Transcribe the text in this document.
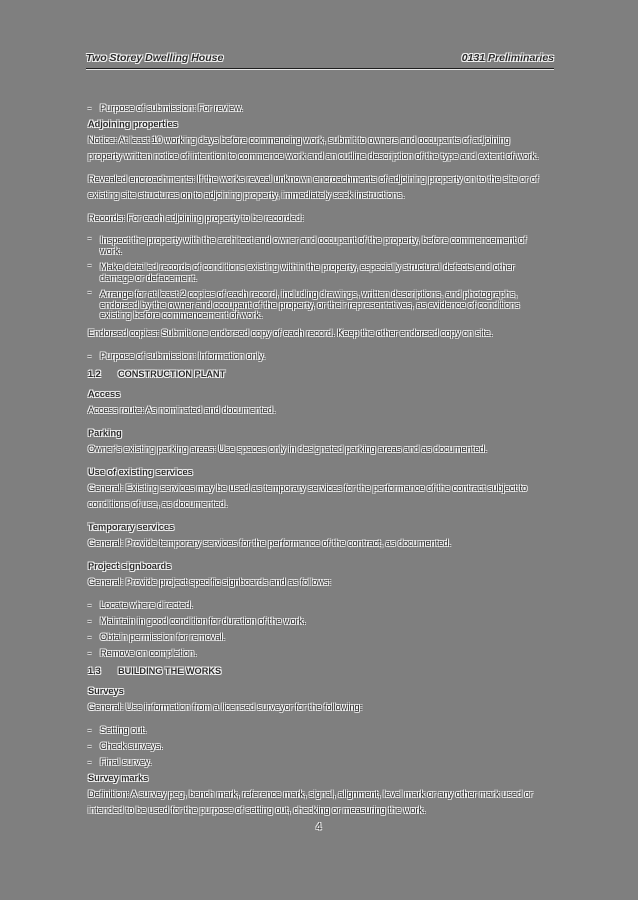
Two Storey Dwelling House	0131 Preliminaries

- Purpose of submission: For review.

Adjoining properties

Notice: At least 10 working days before commencing work, submit to owners and occupants of adjoining property written notice of intention to commence work and an outline description of the type and extent of work.

Revealed encroachments: If the works reveal unknown encroachments of adjoining property on to the site or of existing site structures on to adjoining property, immediately seek instructions.

Records: For each adjoining property to be recorded:

- Inspect the property with the architect and owner and occupant of the property, before commencement of work.

- Make detailed records of conditions existing within the property, especially structural defects and other damage or defacement.

- Arrange for at least 2 copies of each record, including drawings, written descriptions, and photographs, endorsed by the owner and occupant of the property, or their representatives, as evidence of conditions existing before commencement of work.

Endorsed copies: Submit one endorsed copy of each record. Keep the other endorsed copy on site.

- Purpose of submission: Information only.

1.2 CONSTRUCTION PLANT

Access

Access route: As nominated and documented.

Parking

Owner's existing parking areas: Use spaces only in designated parking areas and as documented.

Use of existing services

General: Existing services may be used as temporary services for the performance of the contract subject to conditions of use, as documented.

Temporary services

General: Provide temporary services for the performance of the contract, as documented.

Project signboards

General: Provide project specific signboards and as follows:

- Locate where directed.

- Maintain in good condition for duration of the work.

- Obtain permission for removal.

- Remove on completion.

1.3 BUILDING THE WORKS

Surveys

General: Use information from a licensed surveyor for the following:

- Setting out.

- Check surveys.

- Final survey.

Survey marks

Definition: A survey peg, bench mark, reference mark, signal, alignment, level mark or any other mark used or intended to be used for the purpose of setting out, checking or measuring the work.

4
